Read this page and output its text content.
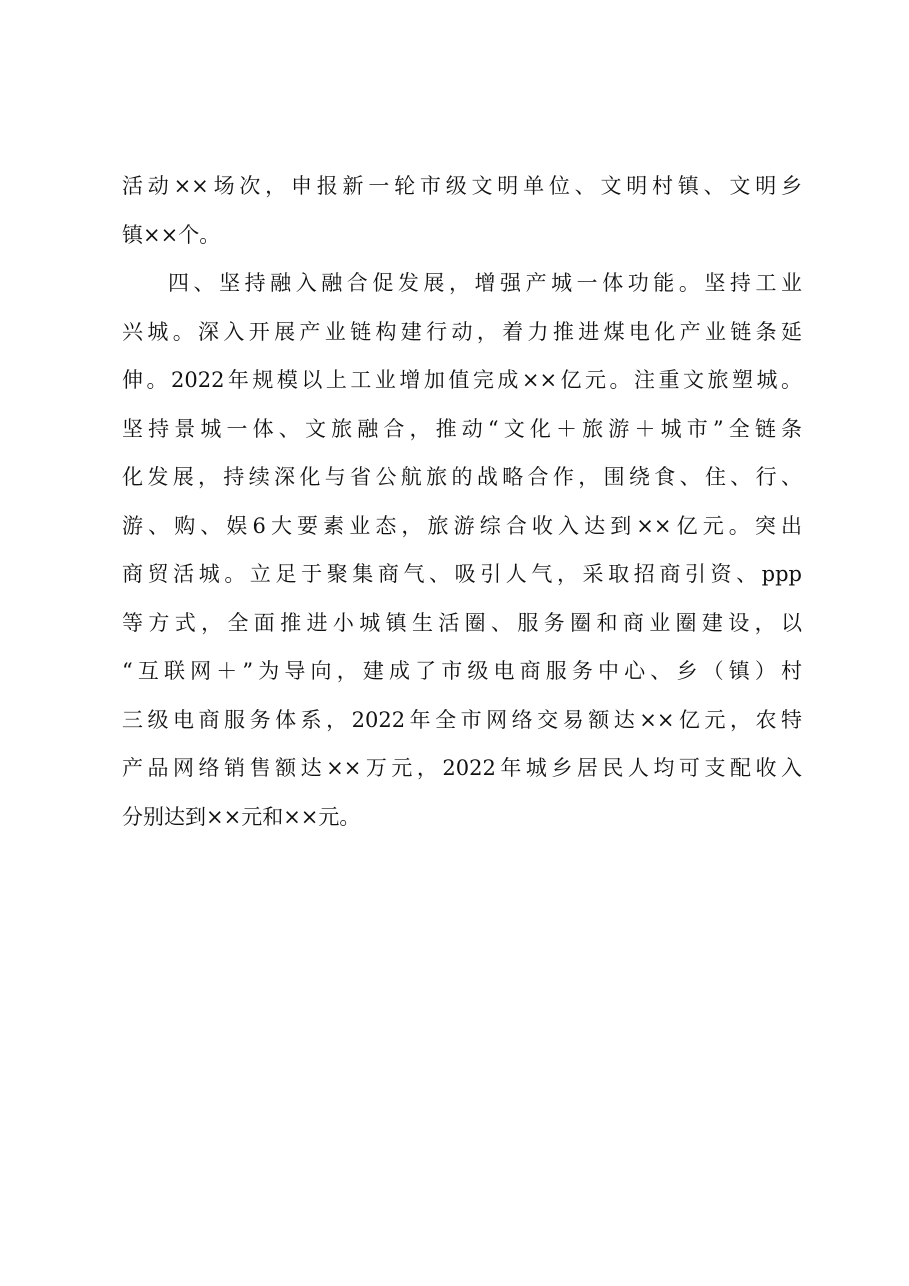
活动××场次，申报新一轮市级文明单位、文明村镇、文明乡
镇××个。
四、坚持融入融合促发展，增强产城一体功能。坚持工业
兴城。深入开展产业链构建行动，着力推进煤电化产业链条延
伸。2022年规模以上工业增加值完成××亿元。注重文旅塑城。
坚持景城一体、文旅融合，推动“文化＋旅游＋城市”全链条
化发展，持续深化与省公航旅的战略合作，围绕食、住、行、
游、购、娱6大要素业态，旅游综合收入达到××亿元。突出
商贸活城。立足于聚集商气、吸引人气，采取招商引资、ppp
等方式，全面推进小城镇生活圈、服务圈和商业圈建设，以
“互联网＋”为导向，建成了市级电商服务中心、乡（镇）村
三级电商服务体系，2022年全市网络交易额达××亿元，农特
产品网络销售额达××万元，2022年城乡居民人均可支配收入
分别达到××元和××元。
